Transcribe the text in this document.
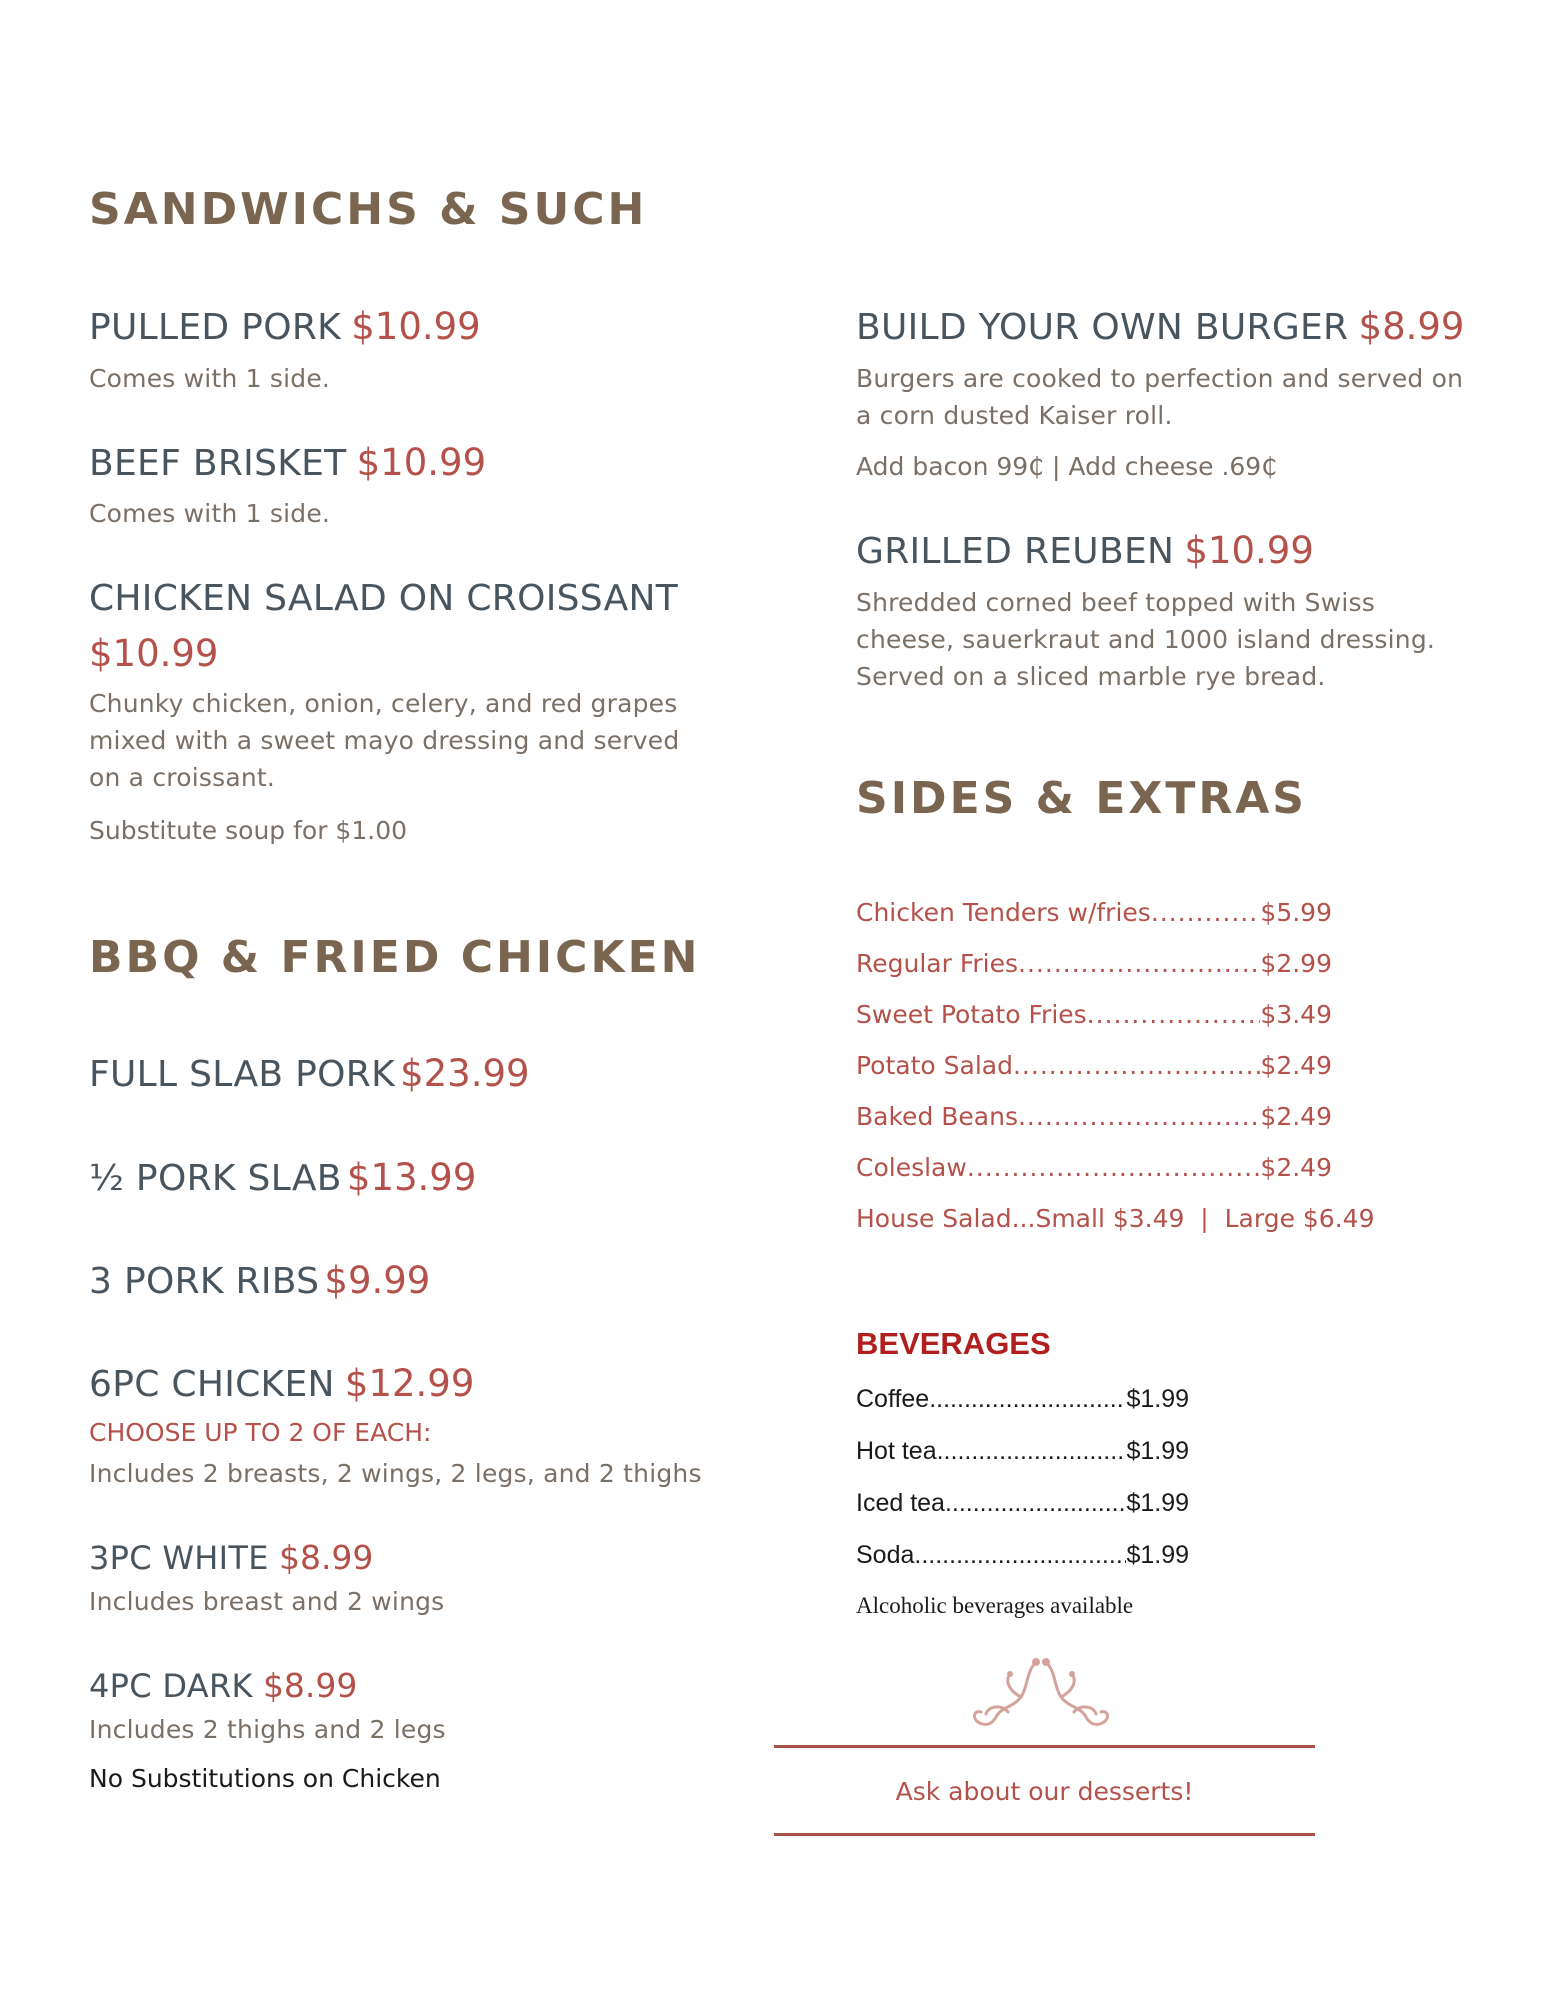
SANDWICHS & SUCH
PULLED PORK $10.99
Comes with 1 side.
BEEF BRISKET $10.99
Comes with 1 side.
CHICKEN SALAD ON CROISSANT
$10.99
Chunky chicken, onion, celery, and red grapes
mixed with a sweet mayo dressing and served
on a croissant.
Substitute soup for $1.00
BBQ & FRIED CHICKEN
FULL SLAB PORK $23.99
½ PORK SLAB $13.99
3 PORK RIBS $9.99
6PC CHICKEN $12.99
CHOOSE UP TO 2 OF EACH:
Includes 2 breasts, 2 wings, 2 legs, and 2 thighs
3PC WHITE $8.99
Includes breast and 2 wings
4PC DARK $8.99
Includes 2 thighs and 2 legs
No Substitutions on Chicken
BUILD YOUR OWN BURGER $8.99
Burgers are cooked to perfection and served on
a corn dusted Kaiser roll.
Add bacon 99₵ | Add cheese .69₵
GRILLED REUBEN $10.99
Shredded corned beef topped with Swiss
cheese, sauerkraut and 1000 island dressing.
Served on a sliced marble rye bread.
SIDES & EXTRAS
Chicken Tenders w/fries .....	$5.99
Regular Fries .....	$2.99
Sweet Potato Fries .....	$3.49
Potato Salad .....	$2.49
Baked Beans .....	$2.49
Coleslaw .....	$2.49
House Salad...Small $3.49  |  Large $6.49
BEVERAGES
Coffee .....	$1.99
Hot tea .....	$1.99
Iced tea .....	$1.99
Soda .....	$1.99
Alcoholic beverages available
Ask about our desserts!
